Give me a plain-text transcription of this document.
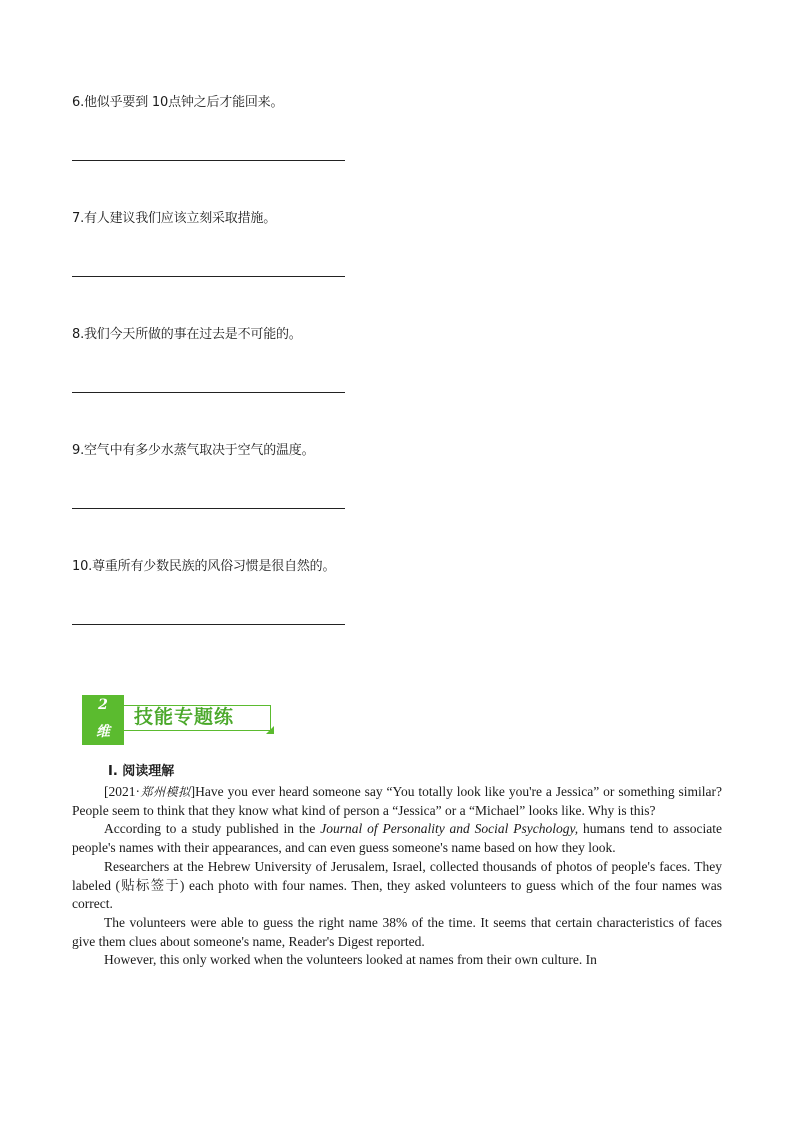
6.他似乎要到 10点钟之后才能回来。
7.有人建议我们应该立刻采取措施。
8.我们今天所做的事在过去是不可能的。
9.空气中有多少水蒸气取决于空气的温度。
10.尊重所有少数民族的风俗习惯是很自然的。
2
维
技能专题练
Ⅰ. 阅读理解

[2021·郑州模拟]Have you ever heard someone say “You totally look like you're a Jessica” or something similar? People seem to think that they know what kind of person a “Jessica” or a “Michael” looks like. Why is this?

According to a study published in the Journal of Personality and Social Psychology, humans tend to associate people's names with their appearances, and can even guess someone's name based on how they look.

Researchers at the Hebrew University of Jerusalem, Israel, collected thousands of photos of people's faces. They labeled (贴标签于) each photo with four names. Then, they asked volunteers to guess which of the four names was correct.

The volunteers were able to guess the right name 38% of the time. It seems that certain characteristics of faces give them clues about someone's name, Reader's Digest reported.

However, this only worked when the volunteers looked at names from their own culture. In
